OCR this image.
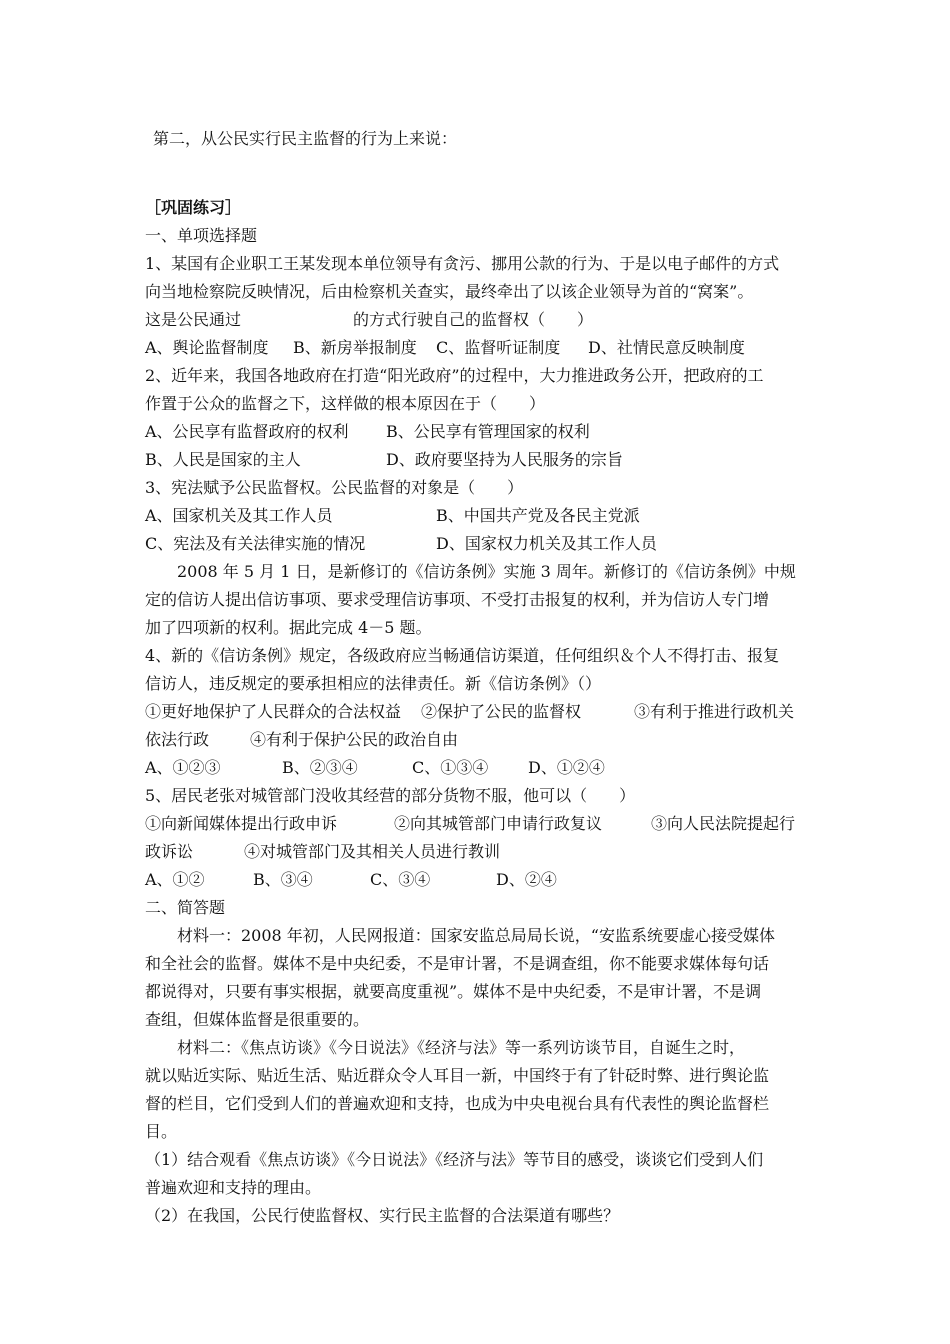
第二，从公民实行民主监督的行为上来说：
［巩固练习］
一、单项选择题
1、某国有企业职工王某发现本单位领导有贪污、挪用公款的行为、于是以电子邮件的方式
向当地检察院反映情况，后由检察机关查实，最终牵出了以该企业领导为首的“窝案”。
这是公民通过　　　　　　　的方式行驶自己的监督权（　　）
A、舆论监督制度 B、新房举报制度 C、监督听证制度 D、社情民意反映制度
2、近年来，我国各地政府在打造“阳光政府”的过程中，大力推进政务公开，把政府的工
作置于公众的监督之下，这样做的根本原因在于（　　）
A、公民享有监督政府的权利 B、公民享有管理国家的权利
B、人民是国家的主人	D、政府要坚持为人民服务的宗旨
3、宪法赋予公民监督权。公民监督的对象是（　　）
A、国家机关及其工作人员	B、中国共产党及各民主党派
C、宪法及有关法律实施的情况	D、国家权力机关及其工作人员
2008 年 5 月 1 日，是新修订的《信访条例》实施 3 周年。新修订的《信访条例》中规
定的信访人提出信访事项、要求受理信访事项、不受打击报复的权利，并为信访人专门增
加了四项新的权利。据此完成 4－5 题。
4、新的《信访条例》规定，各级政府应当畅通信访渠道，任何组织＆个人不得打击、报复
信访人，违反规定的要承担相应的法律责任。新《信访条例》（）
①更好地保护了人民群众的合法权益 ②保护了公民的监督权	③有利于推进行政机关
依法行政	④有利于保护公民的政治自由
A、①②③	B、②③④	C、①③④ D、①②④
5、居民老张对城管部门没收其经营的部分货物不服，他可以（　　）
①向新闻媒体提出行政申诉	②向其城管部门申请行政复议	③向人民法院提起行
政诉讼	④对城管部门及其相关人员进行教训
A、①②	B、③④	C、③④	D、②④
二、简答题
材料一：2008 年初，人民网报道：国家安监总局局长说，“安监系统要虚心接受媒体
和全社会的监督。媒体不是中央纪委，不是审计署，不是调查组，你不能要求媒体每句话
都说得对，只要有事实根据，就要高度重视”。媒体不是中央纪委，不是审计署，不是调
查组，但媒体监督是很重要的。
材料二：《焦点访谈》《今日说法》《经济与法》等一系列访谈节目，自诞生之时，
就以贴近实际、贴近生活、贴近群众令人耳目一新，中国终于有了针砭时弊、进行舆论监
督的栏目，它们受到人们的普遍欢迎和支持，也成为中央电视台具有代表性的舆论监督栏
目。
（1）结合观看《焦点访谈》《今日说法》《经济与法》等节目的感受，谈谈它们受到人们
普遍欢迎和支持的理由。
（2）在我国，公民行使监督权、实行民主监督的合法渠道有哪些？
